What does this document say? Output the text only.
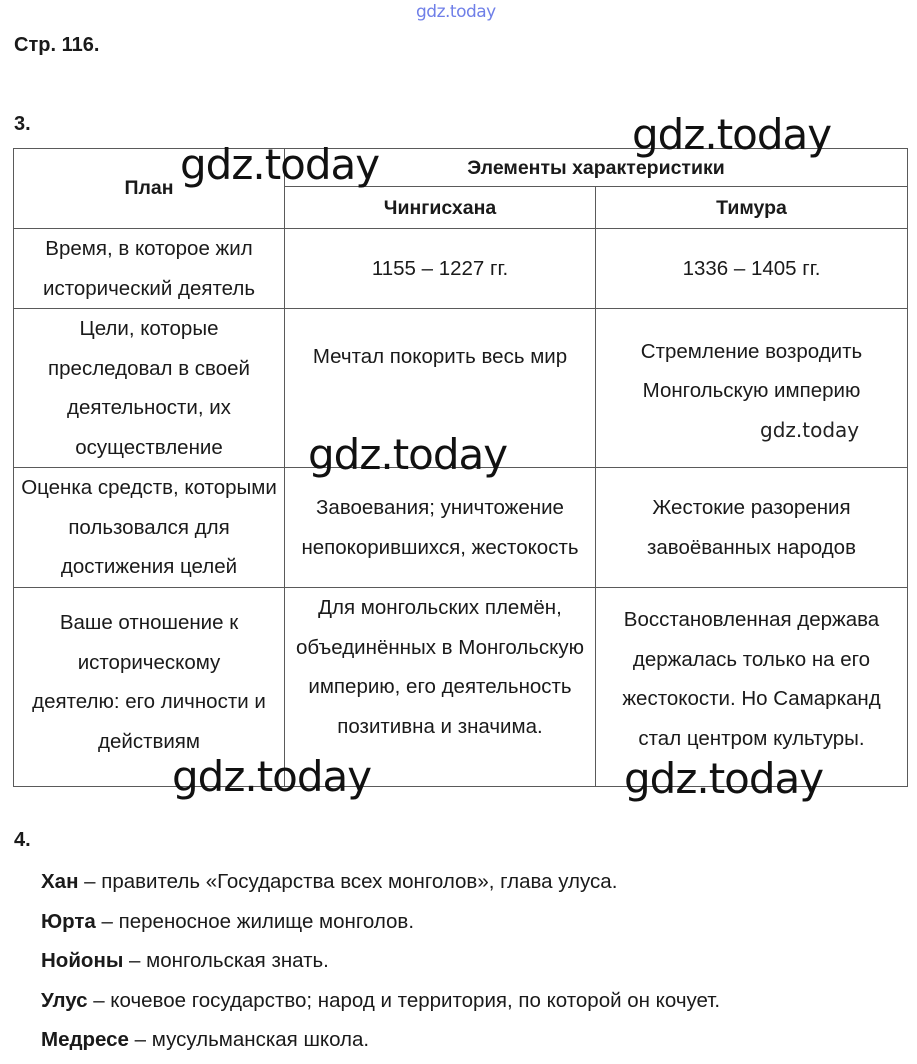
gdz.today
Стр. 116.
3.
План	Элементы характеристики	
	Чингисхана	Тимура
Время, в которое жил исторический деятель	1155 – 1227 гг.	1336 – 1405 гг.
Цели, которые преследовал в своей деятельности, их осуществление	Мечтал покорить весь мир	Стремление возродить Монгольскую империю
Оценка средств, которыми пользовался для достижения целей	Завоевания; уничтожение непокорившихся, жестокость	Жестокие разорения завоёванных народов
Ваше отношение к историческому деятелю: его личности и действиям	Для монгольских племён, объединённых в Монгольскую империю, его деятельность позитивна и значима.	Восстановленная держава держалась только на его жестокости. Но Самарканд стал центром культуры.
4.
Хан – правитель «Государства всех монголов», глава улуса.
Юрта – переносное жилище монголов.
Нойоны – монгольская знать.
Улус – кочевое государство; народ и территория, по которой он кочует.
Медресе – мусульманская школа.
gdz.today
gdz.today
gdz.today
gdz.today
gdz.today	gdz.today
